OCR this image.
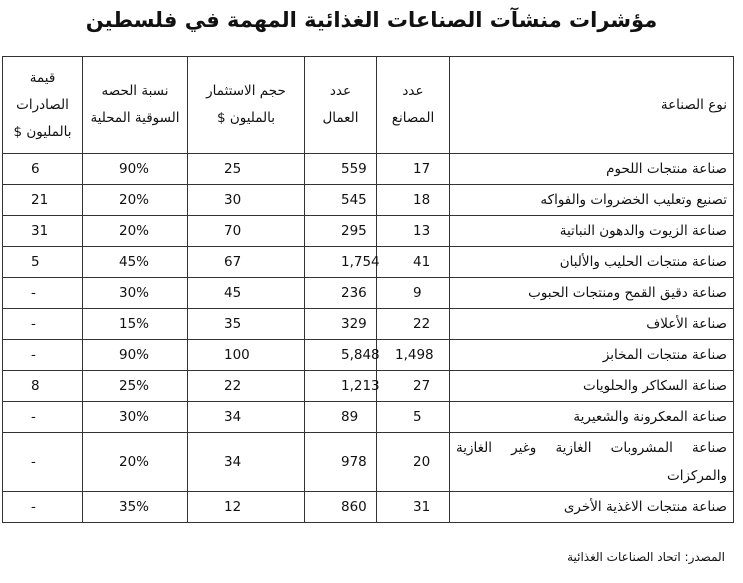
مؤشرات منشآت الصناعات الغذائية المهمة في فلسطين
نوع الصناعة	عدد المصانع	عدد العمال	حجم الاستثمار بالمليون $	نسبة الحصه السوقية المحلية	قيمة الصادرات بالمليون $
صناعة منتجات اللحوم	17	559	25	90%	6
تصنيع وتعليب الخضروات والفواكه	18	545	30	20%	21
صناعة الزيوت والدهون النباتية	13	295	70	20%	31
صناعة منتجات الحليب والألبان	41	1,754	67	45%	5
صناعة دقيق القمح ومنتجات الحبوب	9	236	45	30%	-
صناعة الأعلاف	22	329	35	15%	-
صناعة منتجات المخابز	1,498	5,848	100	90%	-
صناعة السكاكر والحلويات	27	1,213	22	25%	8
صناعة المعكرونة والشعيرية	5	89	34	30%	-
صناعة المشروبات الغازية وغير الغازية والمركزات	20	978	34	20%	-
صناعة منتجات الاغذية الأخرى	31	860	12	35%	-
المصدر: اتحاد الصناعات الغذائية
